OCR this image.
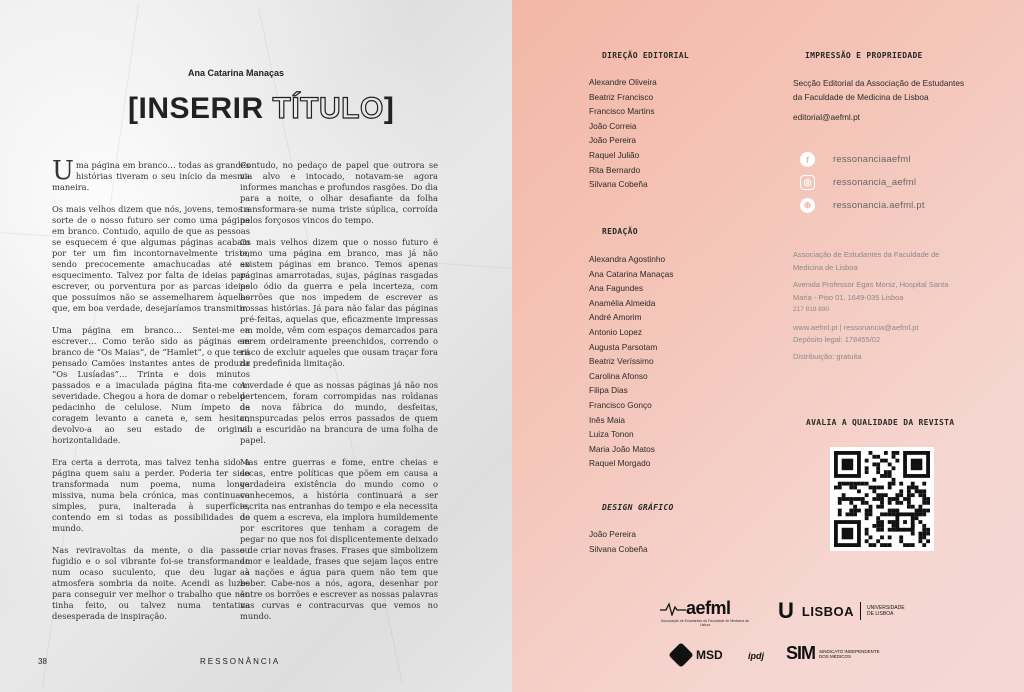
Ana Catarina Manaças
[INSERIR TÍTULO]

Uma página em branco… todas as grandes histórias tiveram o seu início da mesma maneira.

Os mais velhos dizem que nós, jovens, temos a sorte de o nosso futuro ser como uma página em branco. Contudo, aquilo de que as pessoas se esquecem é que algumas páginas acabam por ter um fim incontornavelmente triste, sendo precocemente amachucadas até ao esquecimento. Talvez por falta de ideias para escrever, ou porventura por as parcas ideias que possuímos não se assemelharem àquelas que, em boa verdade, desejaríamos transmitir.

Uma página em branco… Sentei-me a escrever… Como terão sido as páginas em branco de “Os Maias”, de “Hamlet”, o que terá pensado Camões instantes antes de produzir “Os Lusíadas”… Trinta e dois minutos passados e a imaculada página fita-me com severidade. Chegou a hora de domar o rebelde pedacinho de celulose. Num ímpeto de coragem levanto a caneta e, sem hesitar, devolvo-a ao seu estado de original horizontalidade.

Era certa a derrota, mas talvez tenha sido a página quem saiu a perder. Poderia ter sido transformada num poema, numa longa missiva, numa bela crónica, mas continuava simples, pura, inalterada à superfície, contendo em si todas as possibilidades do mundo.

Nas reviravoltas da mente, o dia passou fugidio e o sol vibrante foi-se transformando num ocaso suculento, que deu lugar à atmosfera sombria da noite. Acendi as luzes para conseguir ver melhor o trabalho que não tinha feito, ou talvez numa tentativa desesperada de inspiração.

Contudo, no pedaço de papel que outrora se via alvo e intocado, notavam-se agora informes manchas e profundos rasgões. Do dia para a noite, o olhar desafiante da folha transformara-se numa triste súplica, corroída pelos forçosos vincos do tempo.

Os mais velhos dizem que o nosso futuro é como uma página em branco, mas já não existem páginas em branco. Temos apenas páginas amarrotadas, sujas, páginas rasgadas pelo ódio da guerra e pela incerteza, com borrões que nos impedem de escrever as nossas histórias. Já para não falar das páginas pré-feitas, aquelas que, eficazmente impressas em molde, vêm com espaços demarcados para serem ordeiramente preenchidos, correndo o risco de excluir aqueles que ousam traçar fora da predefinida limitação.

A verdade é que as nossas páginas já não nos pertencem, foram corrompidas nas roldanas da nova fábrica do mundo, desfeitas, conspurcadas pelos erros passados de quem viu a escuridão na brancura de uma folha de papel.

Mas entre guerras e fome, entre cheias e secas, entre políticas que põem em causa a verdadeira existência do mundo como o conhecemos, a história continuará a ser escrita nas entranhas do tempo e ela necessita de quem a escreva, ela implora humildemente por escritores que tenham a coragem de pegar no que nos foi displicentemente deixado e de criar novas frases. Frases que simbolizem amor e lealdade, frases que sejam laços entre as nações e água para quem não tem que beber. Cabe-nos a nós, agora, desenhar por entre os borrões e escrever as nossas palavras nas curvas e contracurvas que vemos no mundo.

38	RESSONÂNCIA
DIREÇÃO EDITORIAL
Alexandre Oliveira
Beatriz Francisco
Francisco Martins
João Correia
João Pereira
Raquel Julião
Rita Bernardo
Silvana Cobeña
REDAÇÃO
Alexandra Agostinho
Ana Catarina Manaças
Ana Fagundes
Anamélia Almeida
André Amorim
Antonio Lopez
Augusta Parsotam
Beatriz Veríssimo
Carolina Afonso
Filipa Dias
Francisco Gonço
Inês Maia
Luiza Tonon
Maria João Matos
Raquel Morgado
DESIGN GRÁFICO
João Pereira
Silvana Cobeña
IMPRESSÃO E PROPRIEDADE
Secção Editorial da Associação de Estudantes
da Faculdade de Medicina de Lisboa
editorial@aefml.pt
f	ressonanciaaefml
◎	ressonancia_aefml
⊕	ressonancia.aefml.pt
Associação de Estudantes da Faculdade de
Medicina de Lisboa
Avenida Professor Egas Moniz, Hospital Santa
Maria - Piso 01, 1649-035 Lisboa
217 818 890
www.aefml.pt | ressonancia@aefml.pt
Depósito legal: 178455/02
Distribuição: gratuita
AVALIA A QUALIDADE DA REVISTA
aefml
Associação de Estudantes da Faculdade de Medicina de Lisboa
U LISBOA	UNIVERSIDADE
DE LISBOA
MSD	ipdj SIM SINDICATO INDEPENDENTE
DOS MÉDICOS
